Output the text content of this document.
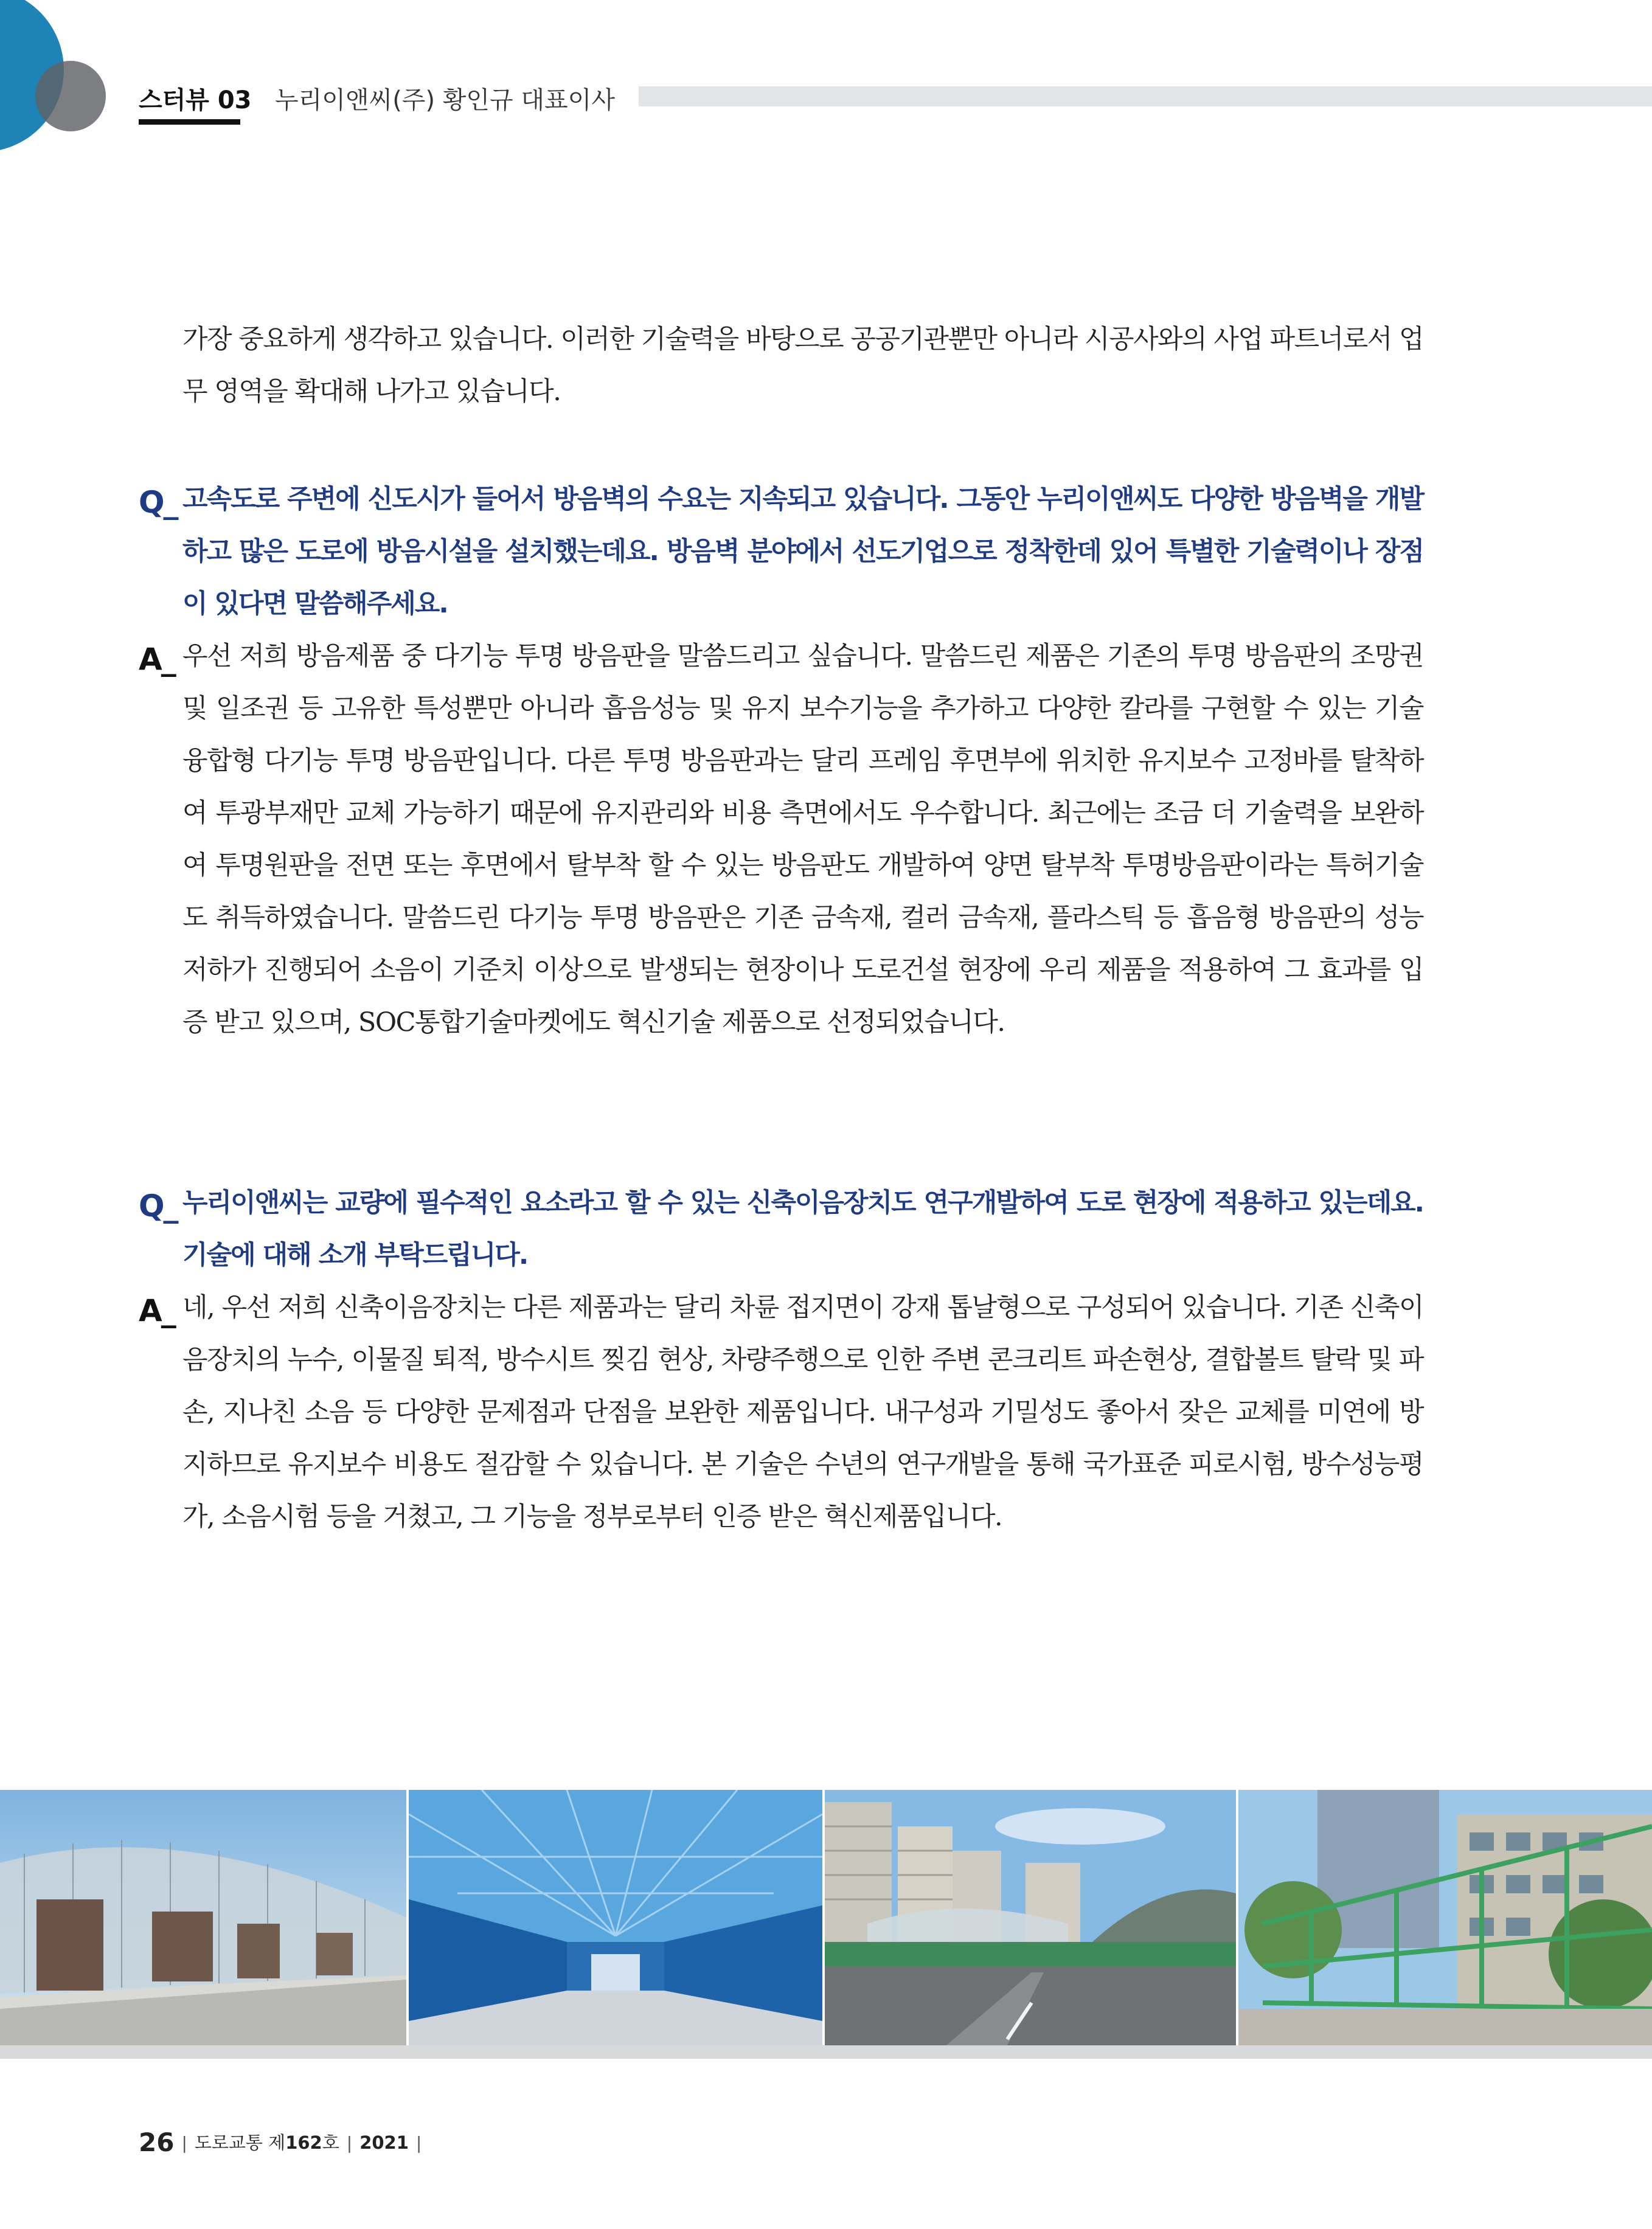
스터뷰 03 누리이앤씨(주) 황인규 대표이사
가장 중요하게 생각하고 있습니다. 이러한 기술력을 바탕으로 공공기관뿐만 아니라 시공사와의 사업 파트너로서 업무 영역을 확대해 나가고 있습니다.
Q_ 고속도로 주변에 신도시가 들어서 방음벽의 수요는 지속되고 있습니다. 그동안 누리이앤씨도 다양한 방음벽을 개발하고 많은 도로에 방음시설을 설치했는데요. 방음벽 분야에서 선도기업으로 정착한데 있어 특별한 기술력이나 장점이 있다면 말씀해주세요.
A_ 우선 저희 방음제품 중 다기능 투명 방음판을 말씀드리고 싶습니다. 말씀드린 제품은 기존의 투명 방음판의 조망권 및 일조권 등 고유한 특성뿐만 아니라 흡음성능 및 유지 보수기능을 추가하고 다양한 칼라를 구현할 수 있는 기술 융합형 다기능 투명 방음판입니다. 다른 투명 방음판과는 달리 프레임 후면부에 위치한 유지보수 고정바를 탈착하여 투광부재만 교체 가능하기 때문에 유지관리와 비용 측면에서도 우수합니다. 최근에는 조금 더 기술력을 보완하여 투명원판을 전면 또는 후면에서 탈부착 할 수 있는 방음판도 개발하여 양면 탈부착 투명방음판이라는 특허기술도 취득하였습니다. 말씀드린 다기능 투명 방음판은 기존 금속재, 컬러 금속재, 플라스틱 등 흡음형 방음판의 성능저하가 진행되어 소음이 기준치 이상으로 발생되는 현장이나 도로건설 현장에 우리 제품을 적용하여 그 효과를 입증 받고 있으며, SOC통합기술마켓에도 혁신기술 제품으로 선정되었습니다.
Q_ 누리이앤씨는 교량에 필수적인 요소라고 할 수 있는 신축이음장치도 연구개발하여 도로 현장에 적용하고 있는데요. 기술에 대해 소개 부탁드립니다.
A_ 네, 우선 저희 신축이음장치는 다른 제품과는 달리 차륜 접지면이 강재 톱날형으로 구성되어 있습니다. 기존 신축이음장치의 누수, 이물질 퇴적, 방수시트 찢김 현상, 차량주행으로 인한 주변 콘크리트 파손현상, 결합볼트 탈락 및 파손, 지나친 소음 등 다양한 문제점과 단점을 보완한 제품입니다. 내구성과 기밀성도 좋아서 잦은 교체를 미연에 방지하므로 유지보수 비용도 절감할 수 있습니다. 본 기술은 수년의 연구개발을 통해 국가표준 피로시험, 방수성능평가, 소음시험 등을 거쳤고, 그 기능을 정부로부터 인증 받은 혁신제품입니다.
26 | 도로교통 제162호 | 2021 |
